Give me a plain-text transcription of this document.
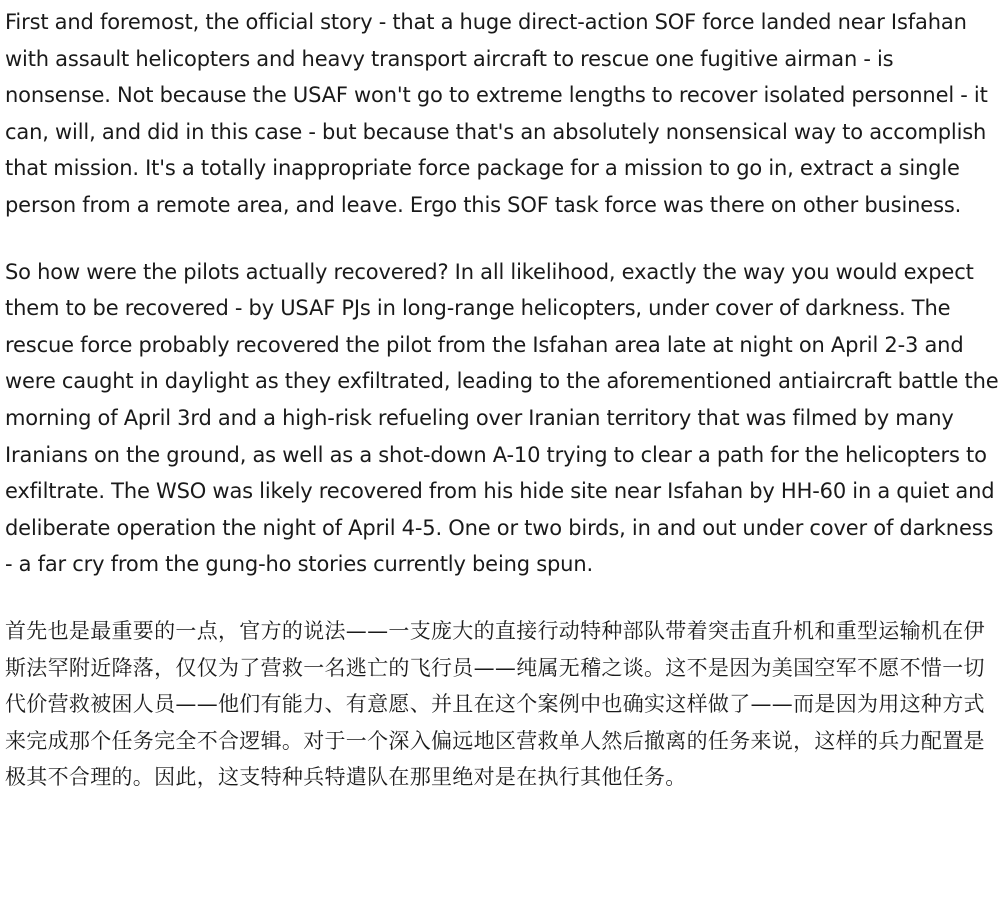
First and foremost, the official story - that a huge direct-action SOF force landed near Isfahan with assault helicopters and heavy transport aircraft to rescue one fugitive airman - is nonsense. Not because the USAF won't go to extreme lengths to recover isolated personnel - it can, will, and did in this case - but because that's an absolutely nonsensical way to accomplish that mission. It's a totally inappropriate force package for a mission to go in, extract a single person from a remote area, and leave. Ergo this SOF task force was there on other business.

So how were the pilots actually recovered? In all likelihood, exactly the way you would expect them to be recovered - by USAF PJs in long-range helicopters, under cover of darkness. The rescue force probably recovered the pilot from the Isfahan area late at night on April 2-3 and were caught in daylight as they exfiltrated, leading to the aforementioned antiaircraft battle the morning of April 3rd and a high-risk refueling over Iranian territory that was filmed by many Iranians on the ground, as well as a shot-down A-10 trying to clear a path for the helicopters to exfiltrate. The WSO was likely recovered from his hide site near Isfahan by HH-60 in a quiet and deliberate operation the night of April 4-5. One or two birds, in and out under cover of darkness - a far cry from the gung-ho stories currently being spun.

首先也是最重要的一点，官方的说法——一支庞大的直接行动特种部队带着突击直升机和重型运输机在伊斯法罕附近降落，仅仅为了营救一名逃亡的飞行员——纯属无稽之谈。这不是因为美国空军不愿不惜一切代价营救被困人员——他们有能力、有意愿、并且在这个案例中也确实这样做了——而是因为用这种方式来完成那个任务完全不合逻辑。对于一个深入偏远地区营救单人然后撤离的任务来说，这样的兵力配置是极其不合理的。因此，这支特种兵特遣队在那里绝对是在执行其他任务。
